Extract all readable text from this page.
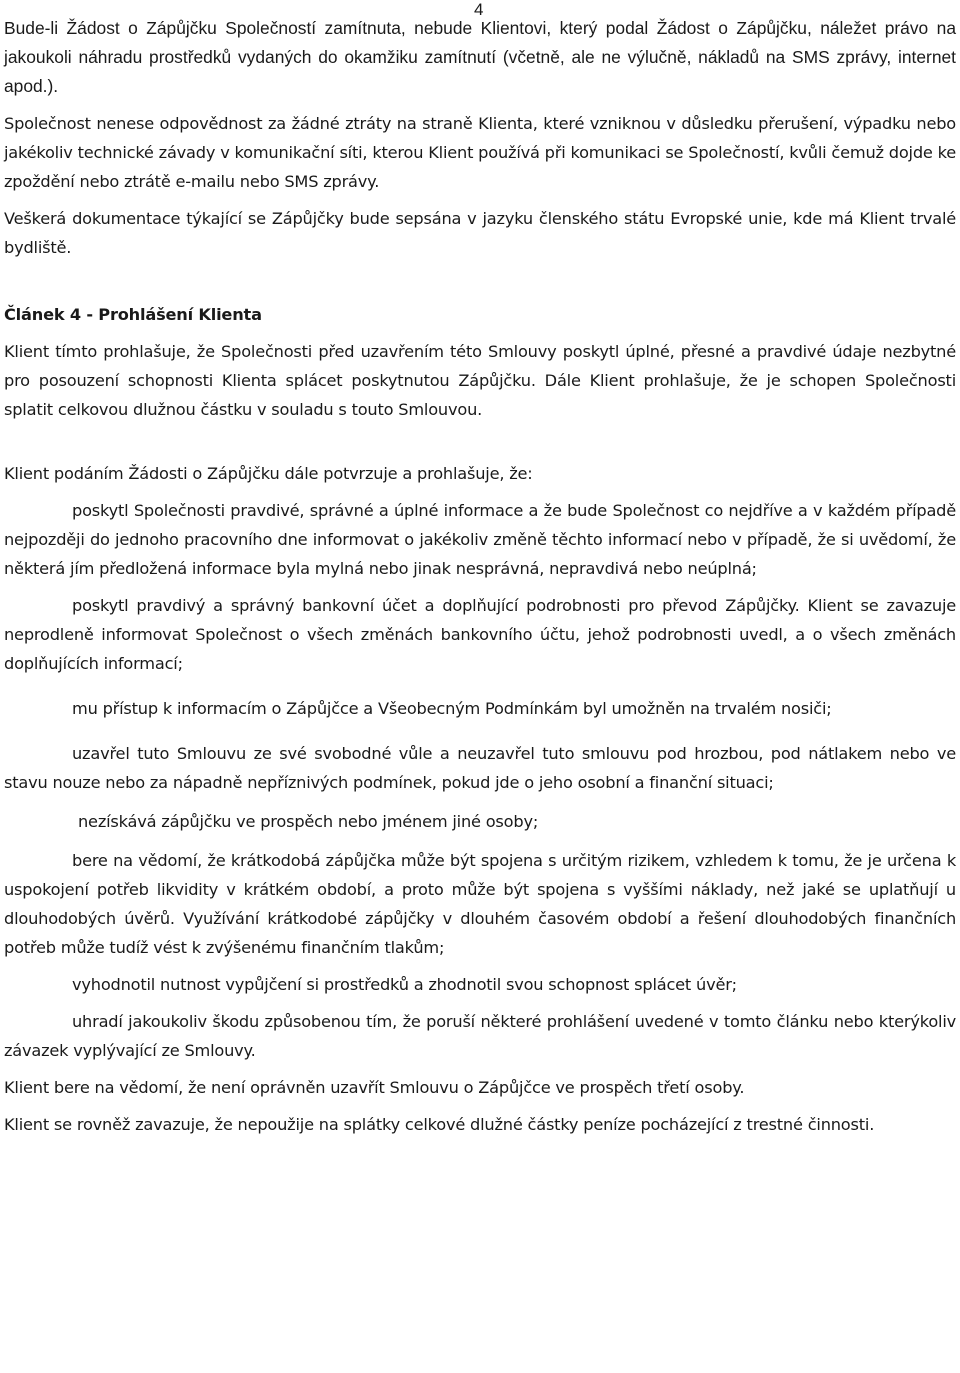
4

Bude-li Žádost o Zápůjčku Společností zamítnuta, nebude Klientovi, který podal Žádost o Zápůjčku, náležet právo na jakoukoli náhradu prostředků vydaných do okamžiku zamítnutí (včetně, ale ne výlučně, nákladů na SMS zprávy, internet apod.).

Společnost nenese odpovědnost za žádné ztráty na straně Klienta, které vzniknou v důsledku přerušení, výpadku nebo jakékoliv technické závady v komunikační síti, kterou Klient používá při komunikaci se Společností, kvůli čemuž dojde ke zpoždění nebo ztrátě e-mailu nebo SMS zprávy.

Veškerá dokumentace týkající se Zápůjčky bude sepsána v jazyku členského státu Evropské unie, kde má Klient trvalé bydliště.

Článek 4 - Prohlášení Klienta

Klient tímto prohlašuje, že Společnosti před uzavřením této Smlouvy poskytl úplné, přesné a pravdivé údaje nezbytné pro posouzení schopnosti Klienta splácet poskytnutou Zápůjčku. Dále Klient prohlašuje, že je schopen Společnosti splatit celkovou dlužnou částku v souladu s touto Smlouvou.

Klient podáním Žádosti o Zápůjčku dále potvrzuje a prohlašuje, že:

poskytl Společnosti pravdivé, správné a úplné informace a že bude Společnost co nejdříve a v každém případě nejpozději do jednoho pracovního dne informovat o jakékoliv změně těchto informací nebo v případě, že si uvědomí, že některá jím předložená informace byla mylná nebo jinak nesprávná, nepravdivá nebo neúplná;

poskytl pravdivý a správný bankovní účet a doplňující podrobnosti pro převod Zápůjčky. Klient se zavazuje neprodleně informovat Společnost o všech změnách bankovního účtu, jehož podrobnosti uvedl, a o všech změnách doplňujících informací;

mu přístup k informacím o Zápůjčce a Všeobecným Podmínkám byl umožněn na trvalém nosiči;

uzavřel tuto Smlouvu ze své svobodné vůle a neuzavřel tuto smlouvu pod hrozbou, pod nátlakem nebo ve stavu nouze nebo za nápadně nepříznivých podmínek, pokud jde o jeho osobní a finanční situaci;

nezískává zápůjčku ve prospěch nebo jménem jiné osoby;

bere na vědomí, že krátkodobá zápůjčka může být spojena s určitým rizikem, vzhledem k tomu, že je určena k uspokojení potřeb likvidity v krátkém období, a proto může být spojena s vyššími náklady, než jaké se uplatňují u dlouhodobých úvěrů. Využívání krátkodobé zápůjčky v dlouhém časovém období a řešení dlouhodobých finančních potřeb může tudíž vést k zvýšenému finančním tlakům;

vyhodnotil nutnost vypůjčení si prostředků a zhodnotil svou schopnost splácet úvěr;

uhradí jakoukoliv škodu způsobenou tím, že poruší některé prohlášení uvedené v tomto článku nebo kterýkoliv závazek vyplývající ze Smlouvy.

Klient bere na vědomí, že není oprávněn uzavřít Smlouvu o Zápůjčce ve prospěch třetí osoby.

Klient se rovněž zavazuje, že nepoužije na splátky celkové dlužné částky peníze pocházející z trestné činnosti.
